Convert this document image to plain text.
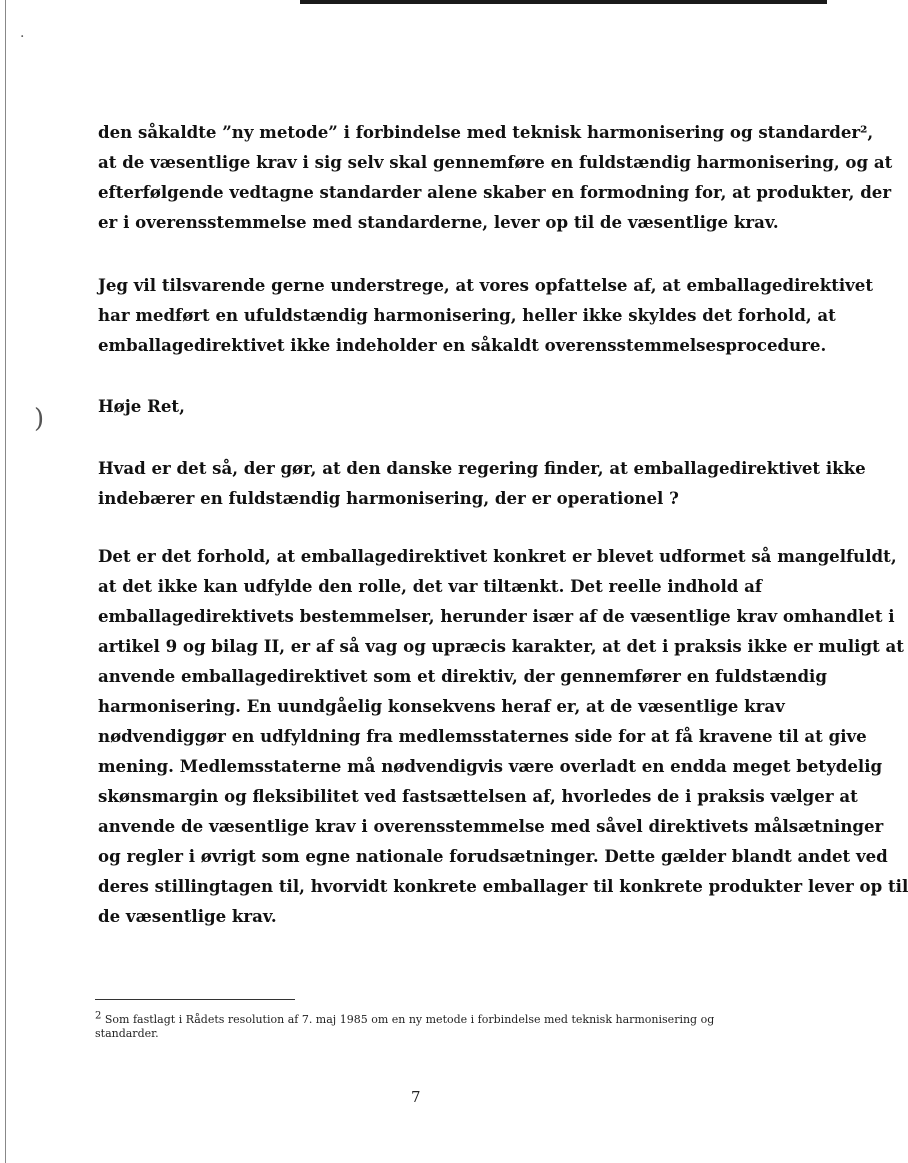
·
)
den såkaldte ”ny metode” i forbindelse med teknisk harmonisering og standarder²,
at de væsentlige krav i sig selv skal gennemføre en fuldstændig harmonisering, og at
efterfølgende vedtagne standarder alene skaber en formodning for, at produkter, der
er i overensstemmelse med standarderne, lever op til de væsentlige krav.
Jeg vil tilsvarende gerne understrege, at vores opfattelse af, at emballagedirektivet
har medført en ufuldstændig harmonisering, heller ikke skyldes det forhold, at
emballagedirektivet ikke indeholder en såkaldt overensstemmelsesprocedure.
Høje Ret,
Hvad er det så, der gør, at den danske regering finder, at emballagedirektivet ikke
indebærer en fuldstændig harmonisering, der er operationel ?
Det er det forhold, at emballagedirektivet konkret er blevet udformet så mangelfuldt,
at det ikke kan udfylde den rolle, det var tiltænkt. Det reelle indhold af
emballagedirektivets bestemmelser, herunder især af de væsentlige krav omhandlet i
artikel 9 og bilag II, er af så vag og upræcis karakter, at det i praksis ikke er muligt at
anvende emballagedirektivet som et direktiv, der gennemfører en fuldstændig
harmonisering. En uundgåelig konsekvens heraf er, at de væsentlige krav
nødvendiggør en udfyldning fra medlemsstaternes side for at få kravene til at give
mening. Medlemsstaterne må nødvendigvis være overladt en endda meget betydelig
skønsmargin og fleksibilitet ved fastsættelsen af, hvorledes de i praksis vælger at
anvende de væsentlige krav i overensstemmelse med såvel direktivets målsætninger
og regler i øvrigt som egne nationale forudsætninger. Dette gælder blandt andet ved
deres stillingtagen til, hvorvidt konkrete emballager til konkrete produkter lever op til
de væsentlige krav.
$^2$ Som fastlagt i Rådets resolution af 7. maj 1985 om en ny metode i forbindelse med teknisk harmonisering og standarder.
7
